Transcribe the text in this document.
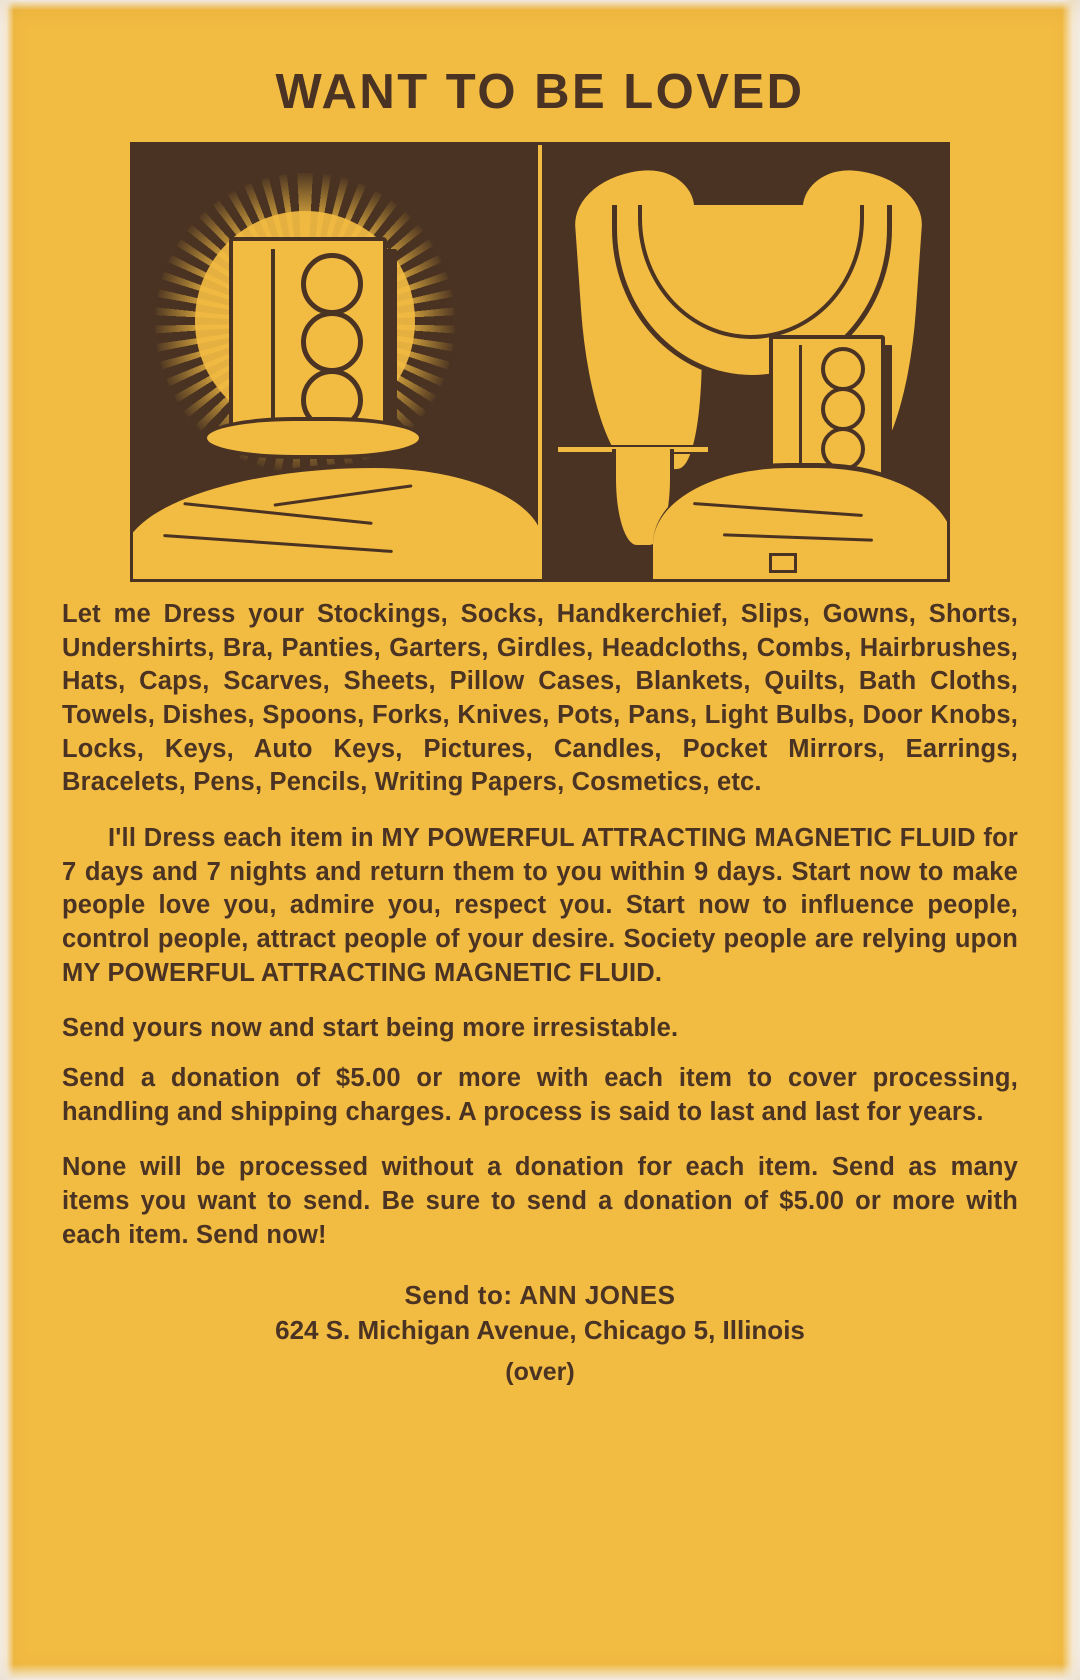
WANT TO BE LOVED

Let me Dress your Stockings, Socks, Handkerchief, Slips, Gowns, Shorts, Undershirts, Bra, Panties, Garters, Girdles, Headcloths, Combs, Hairbrushes, Hats, Caps, Scarves, Sheets, Pillow Cases, Blankets, Quilts, Bath Cloths, Towels, Dishes, Spoons, Forks, Knives, Pots, Pans, Light Bulbs, Door Knobs, Locks, Keys, Auto Keys, Pictures, Candles, Pocket Mirrors, Earrings, Bracelets, Pens, Pencils, Writing Papers, Cosmetics, etc.

I'll Dress each item in MY POWERFUL ATTRACTING MAGNETIC FLUID for 7 days and 7 nights and return them to you within 9 days. Start now to make people love you, admire you, respect you. Start now to influence people, control people, attract people of your desire. Society people are relying upon MY POWERFUL ATTRACTING MAGNETIC FLUID.

Send yours now and start being more irresistable.

Send a donation of $5.00 or more with each item to cover processing, handling and shipping charges. A process is said to last and last for years.

None will be processed without a donation for each item. Send as many items you want to send. Be sure to send a donation of $5.00 or more with each item. Send now!

Send to: ANN JONES
624 S. Michigan Avenue, Chicago 5, Illinois
(over)
